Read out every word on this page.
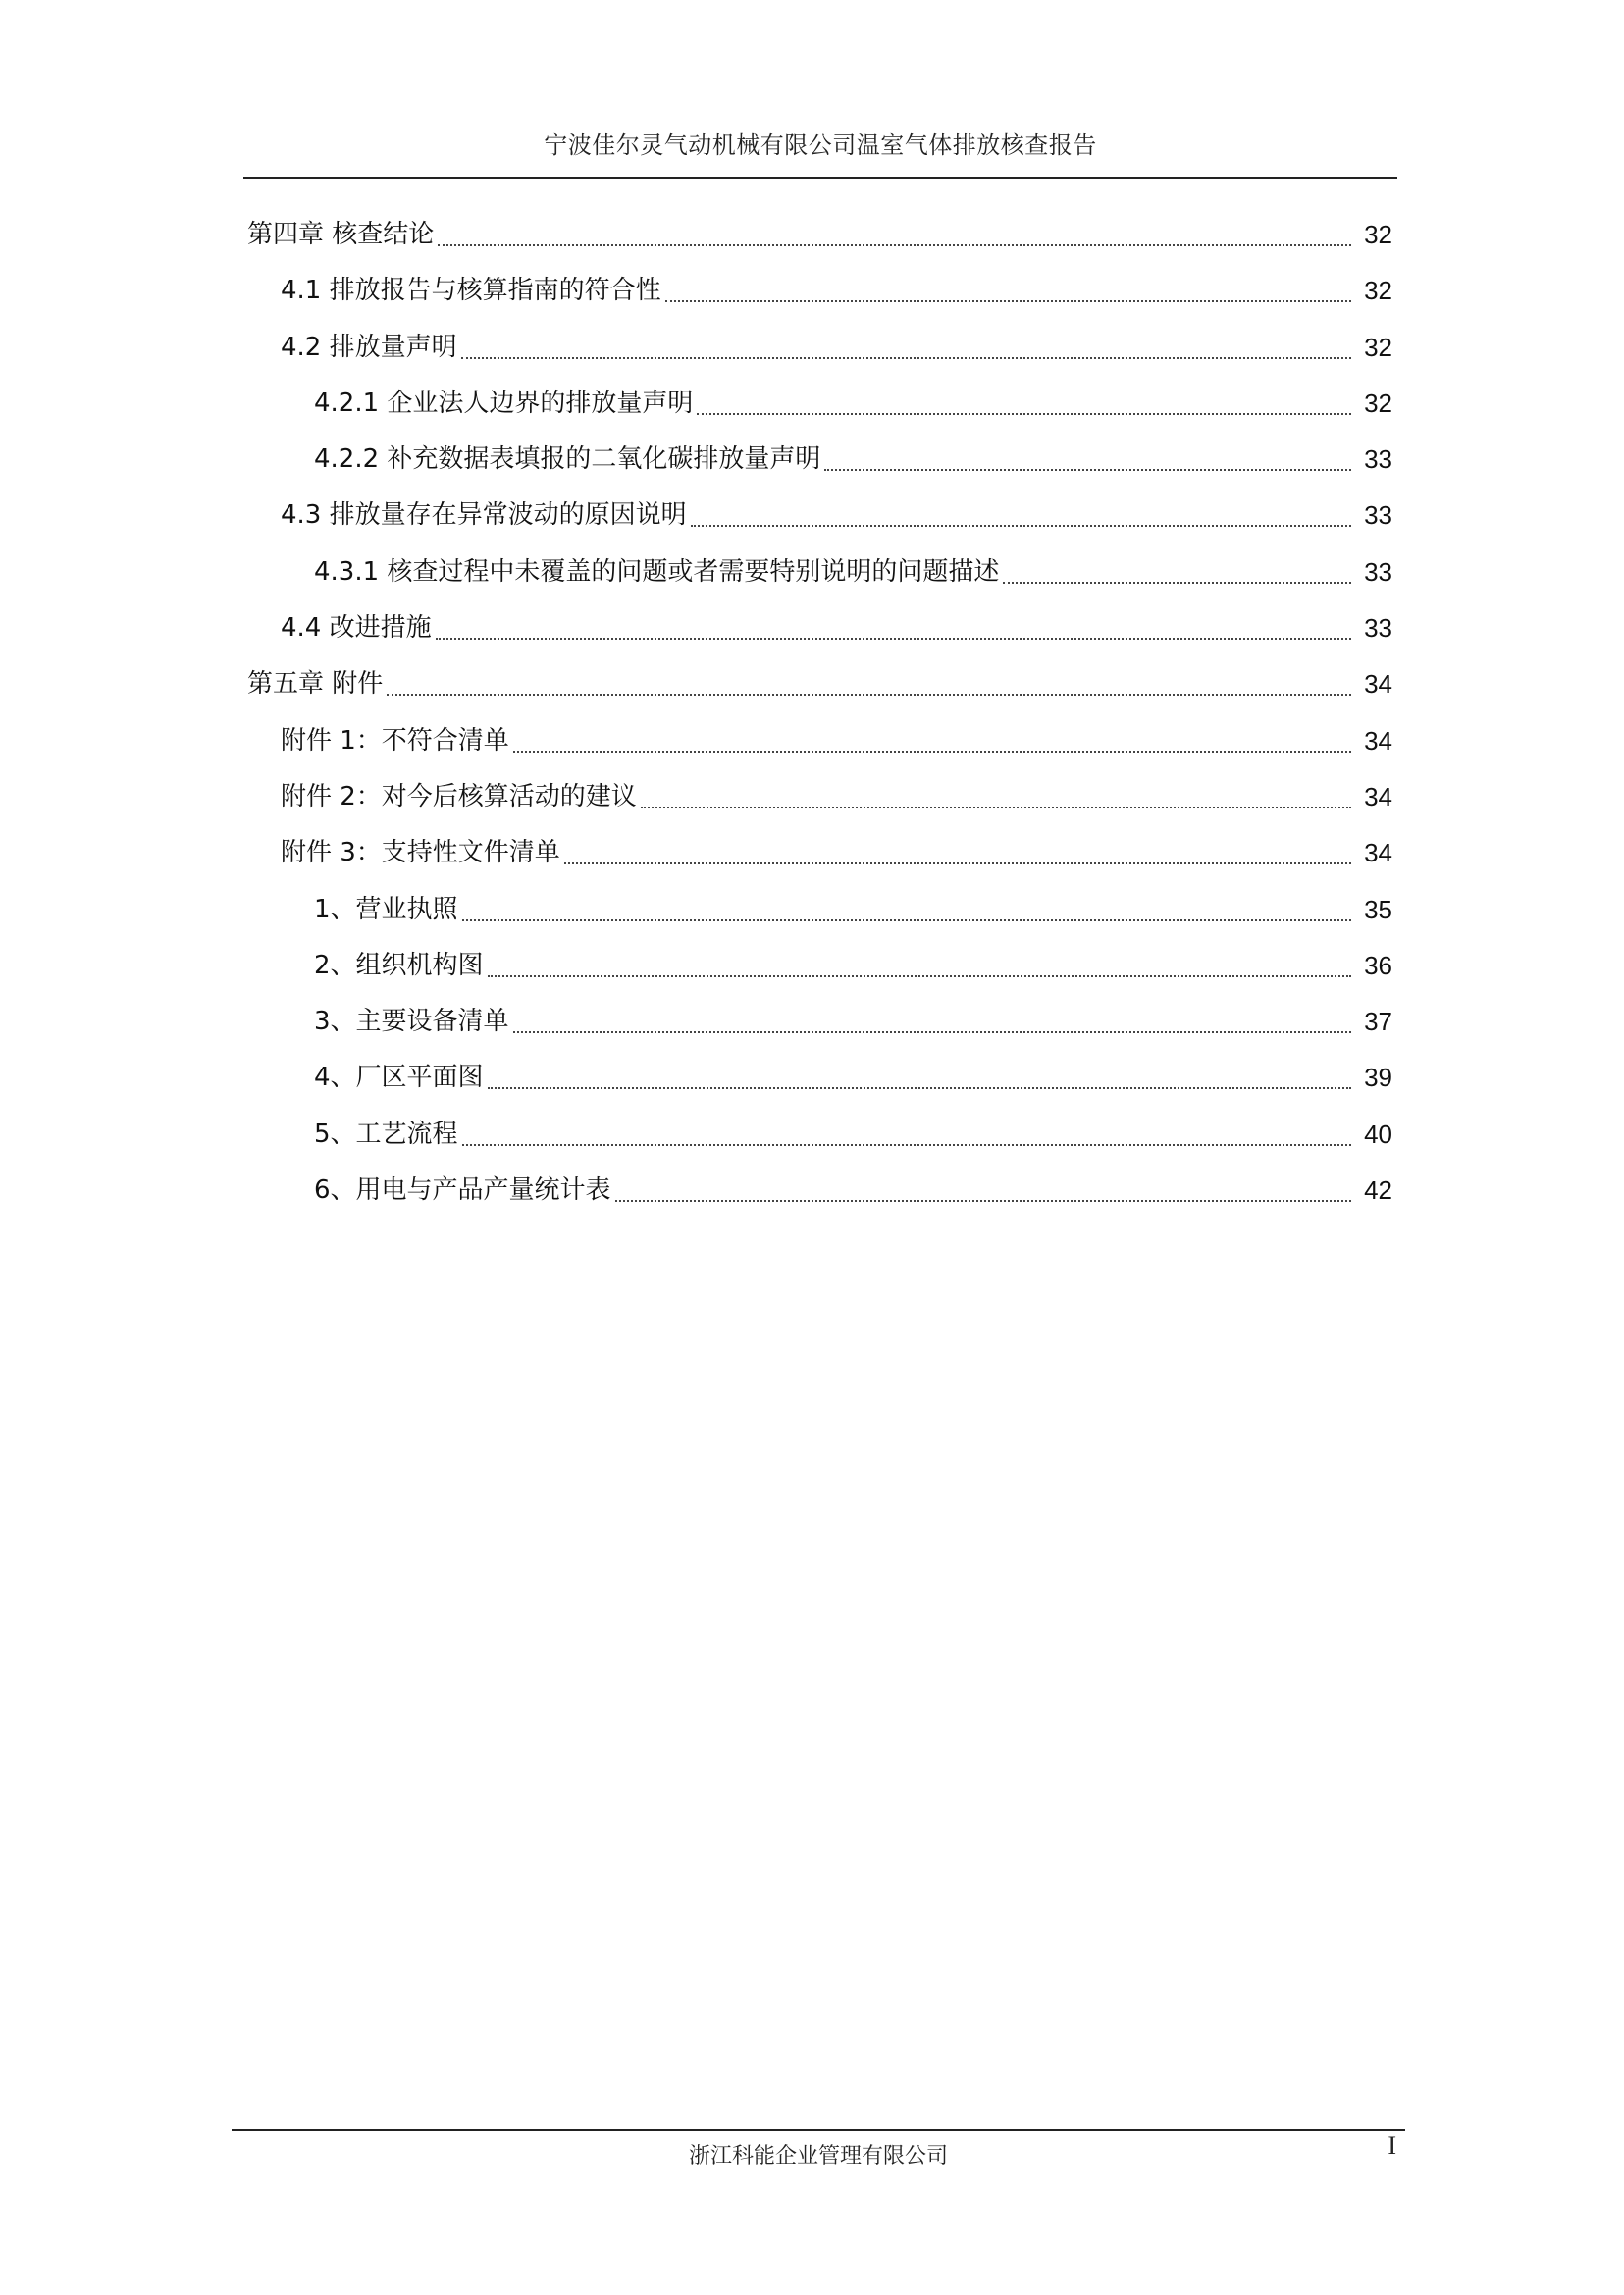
宁波佳尔灵气动机械有限公司温室气体排放核查报告
第四章 核查结论	32
4.1 排放报告与核算指南的符合性	32
4.2 排放量声明	32
4.2.1 企业法人边界的排放量声明	32
4.2.2 补充数据表填报的二氧化碳排放量声明	33
4.3 排放量存在异常波动的原因说明	33
4.3.1 核查过程中未覆盖的问题或者需要特别说明的问题描述	33
4.4 改进措施	33
第五章 附件	34
附件 1：不符合清单	34
附件 2：对今后核算活动的建议	34
附件 3：支持性文件清单	34
1、营业执照	35
2、组织机构图	36
3、主要设备清单	37
4、厂区平面图	39
5、工艺流程	40
6、用电与产品产量统计表	42
浙江科能企业管理有限公司	I
